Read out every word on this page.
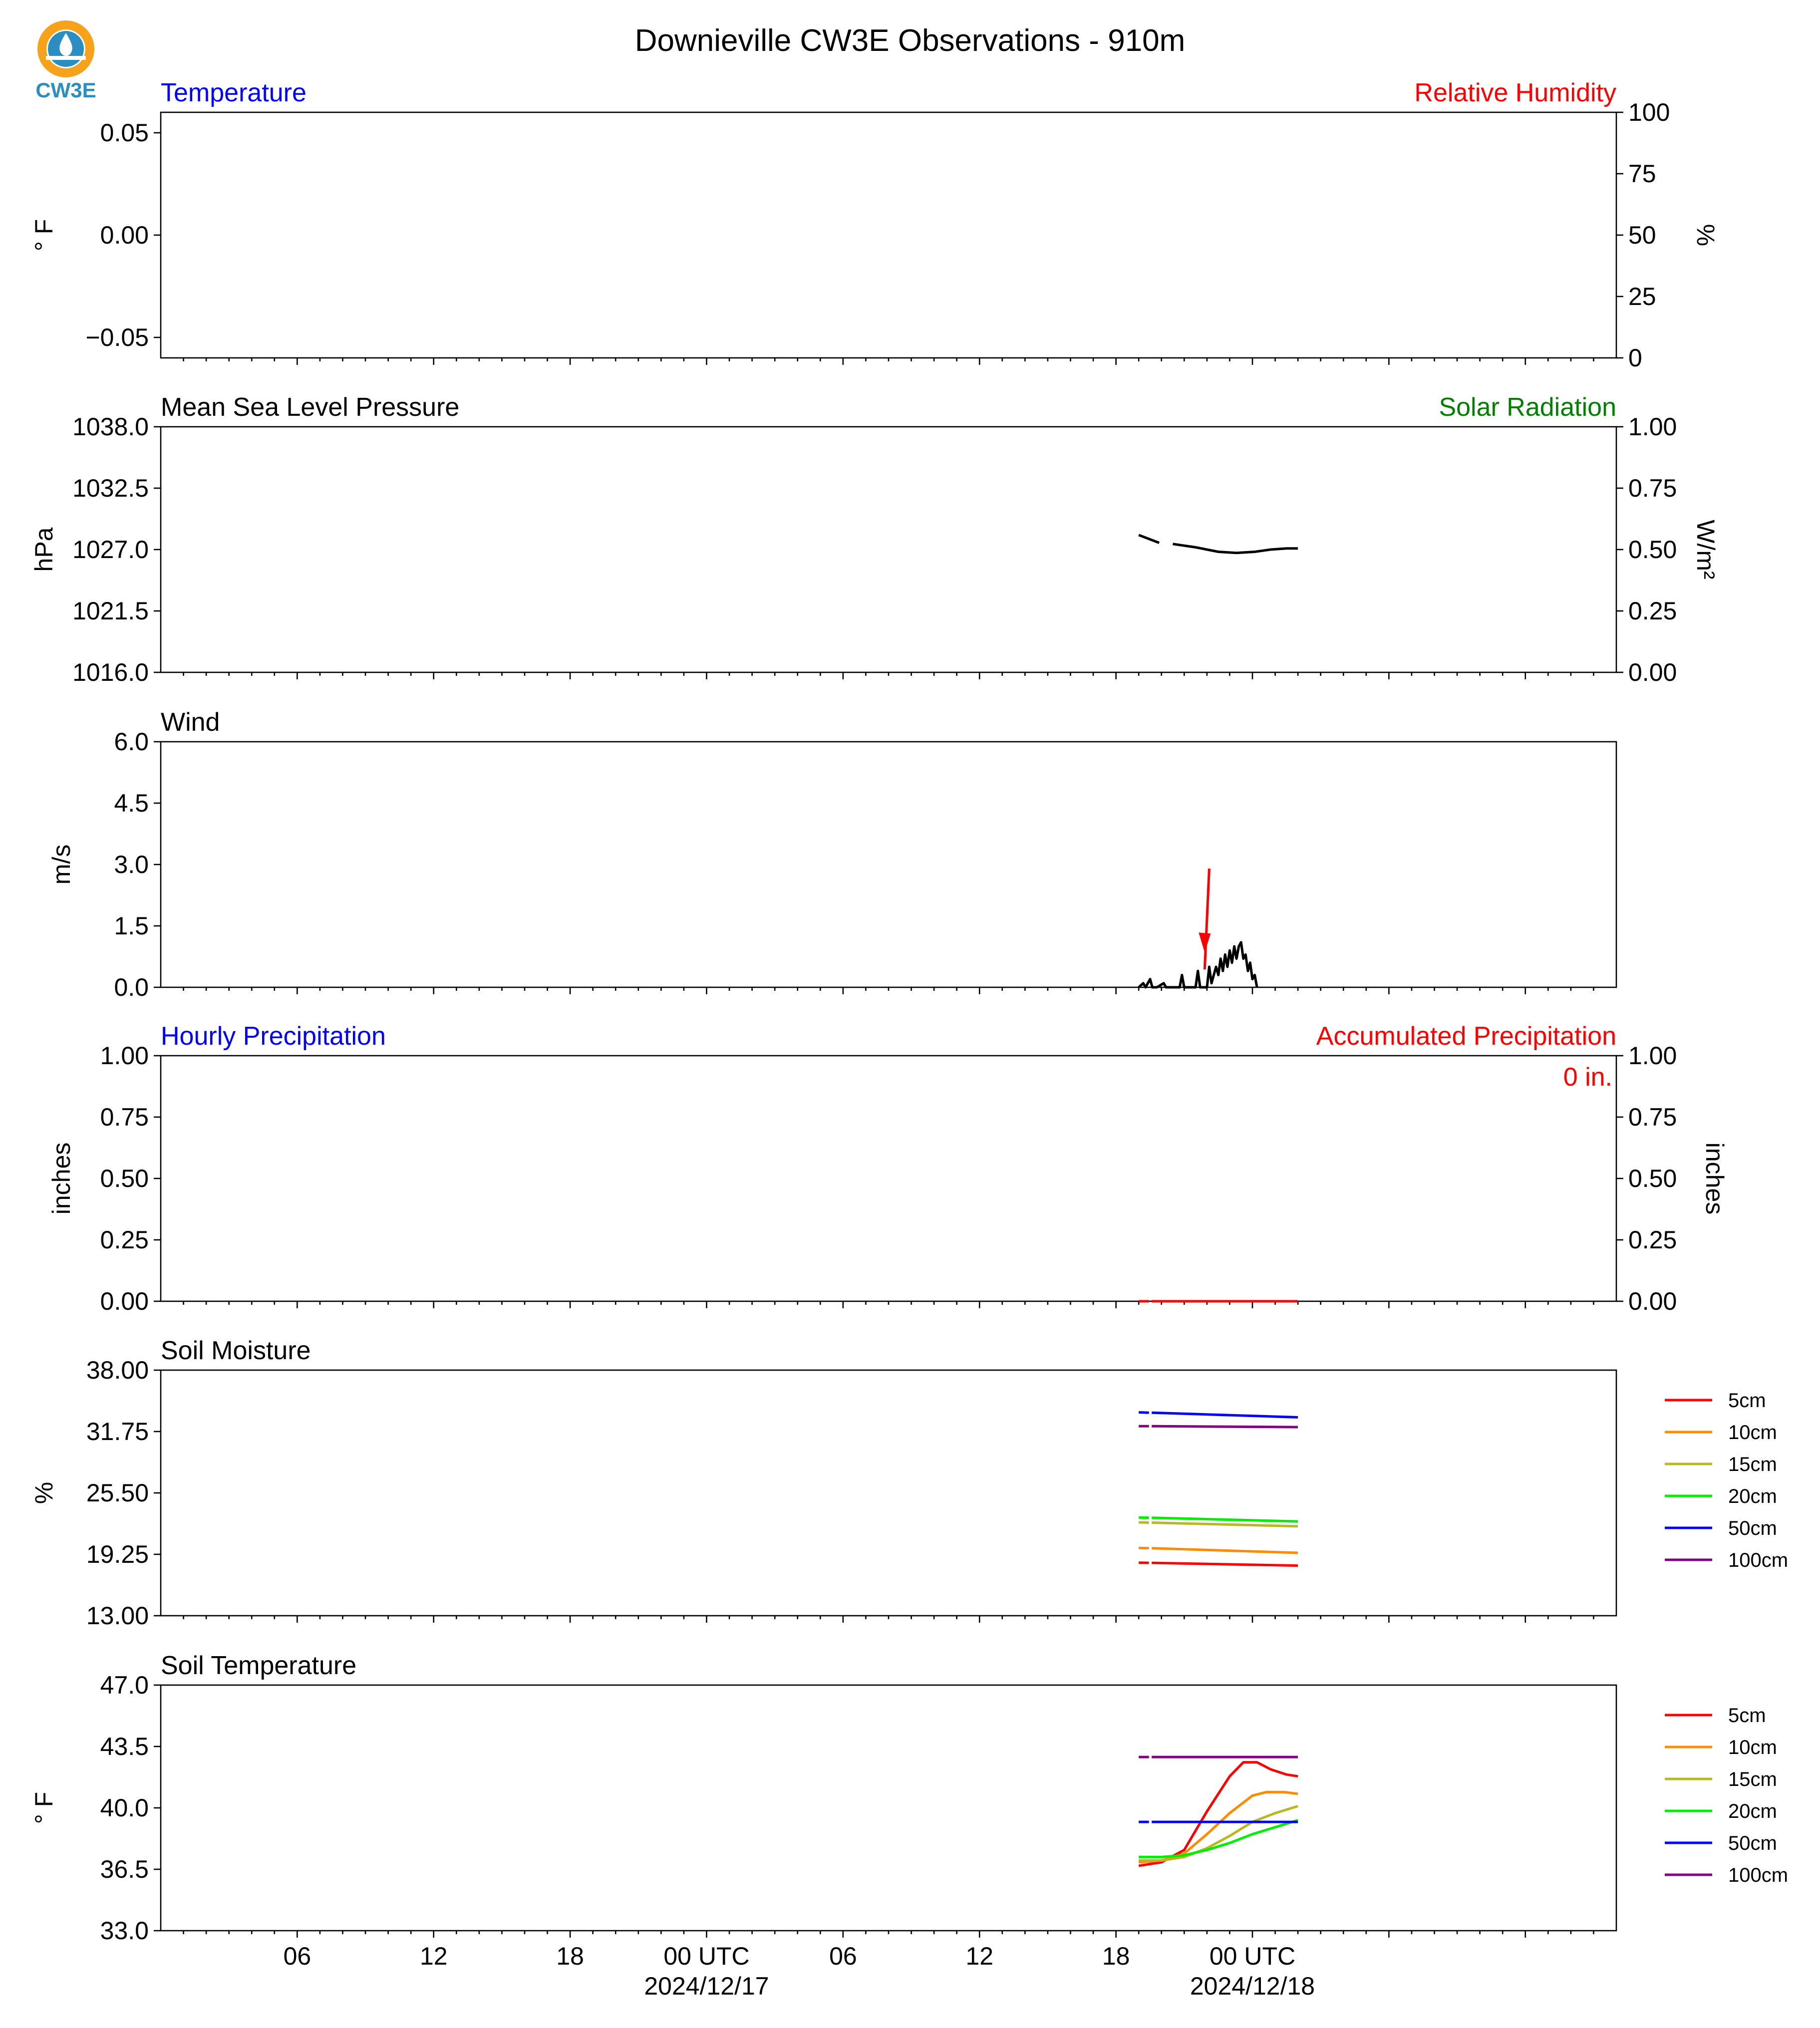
Downieville CW3E Observations - 910m
CW3E Temperature	Relative Humidity
0.05
0.00
−0.05
° F
0
25
50
75
100
%
Mean Sea Level Pressure	Solar Radiation
1038.0
1032.5
1027.0
1021.5
1016.0
hPa
0.00
0.25
0.50
0.75
1.00
W/m²
Wind
6.0
4.5
3.0
1.5
0.0
m/s
Hourly Precipitation	Accumulated Precipitation
1.00
0.75
0.50
0.25
0.00
inches
0.00
0.25
0.50
0.75
1.00
inches
0 in.
Soil Moisture
38.00
31.75
25.50
19.25
13.00
%
5cm
10cm
15cm
20cm
50cm
100cm
Soil Temperature
47.0
43.5
40.0
36.5
33.0
° F
5cm
10cm
15cm
20cm
50cm
100cm
06	12	18	00 UTC
2024/12/17
06	12	18	00 UTC
2024/12/18
